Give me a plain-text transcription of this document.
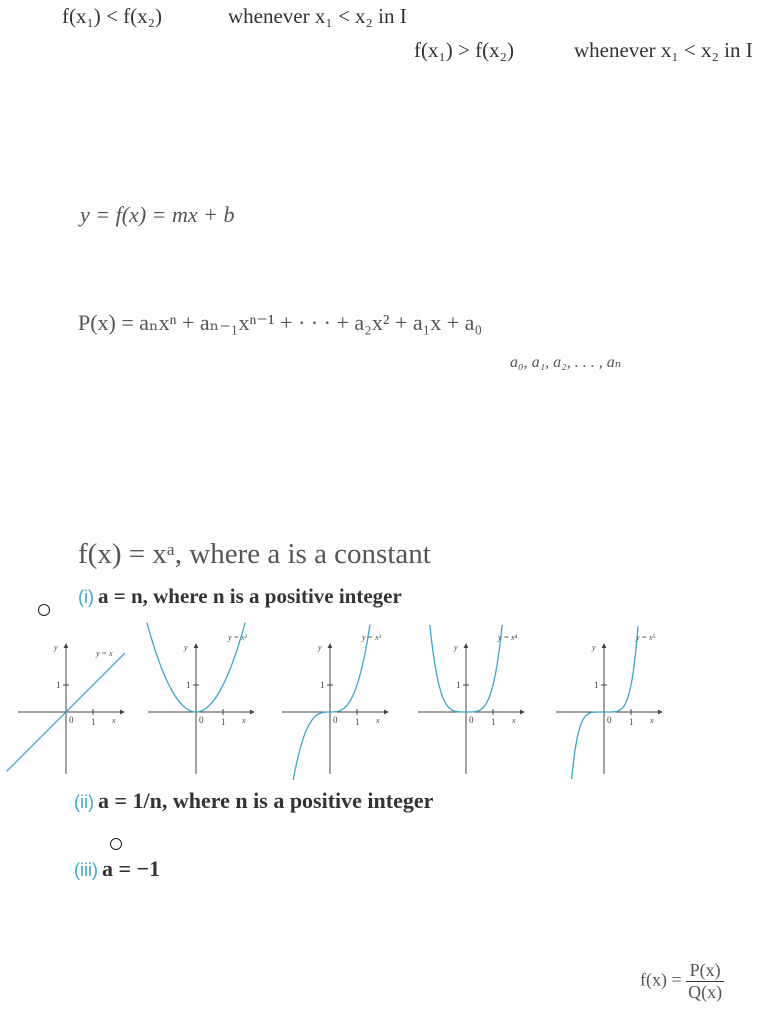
f(x₁) < f(x₂)	whenever x₁ < x₂ in I
f(x₁) > f(x₂)	whenever x₁ < x₂ in I
y = f(x) = mx + b
P(x) = aₙxⁿ + aₙ₋₁xⁿ⁻¹ + · · · + a₂x² + a₁x + a₀
a₀, a₁, a₂, . . . , aₙ
f(x) = xᵃ, where a is a constant
(i) a = n, where n is a positive integer
1
1
0	x
y
y = x
1
1
0	x
y
y = x²
1
1
0	x
y
y = x³
1
1
0	x
y
y = x⁴
1
1
0	x
y
y = x⁵
(ii) a = 1/n, where n is a positive integer
(iii) a = −1
$f(x) = \frac{P(x)}{Q(x)}$
